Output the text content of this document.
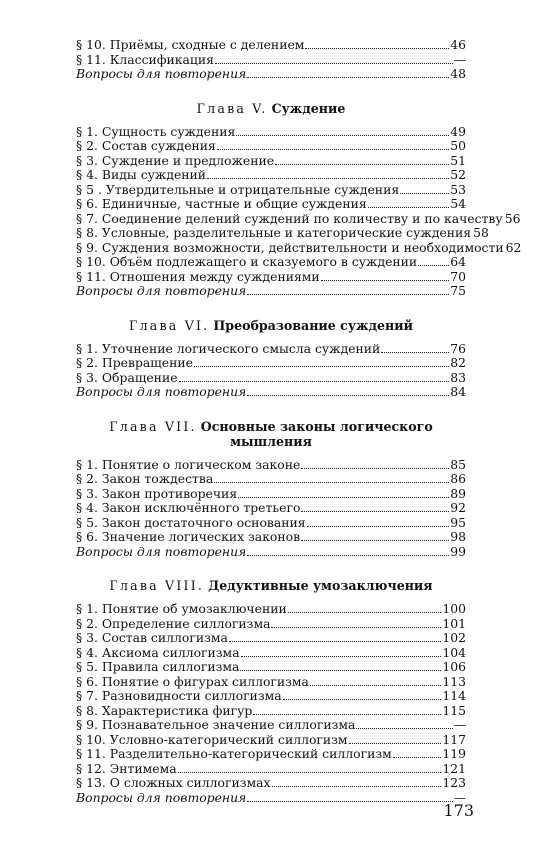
§ 10. Приёмы, сходные с делением	46
§ 11. Классификация	—
Вопросы для повторения	48
Глава V. Суждение
§ 1. Сущность суждения	49
§ 2. Состав суждения	50
§ 3. Суждение и предложение	51
§ 4. Виды суждений	52
§ 5 . Утвердительные и отрицательные суждения	53
§ 6. Единичные, частные и общие суждения	54
§ 7. Соединение делений суждений по количеству и по качеству 56
§ 8. Условные, разделительные и категорические суждения 58
§ 9. Суждения возможности, действительности и необходимости 62
§ 10. Объём подлежащего и сказуемого в суждении	64
§ 11. Отношения между суждениями	70
Вопросы для повторения	75
Глава VI. Преобразование суждений
§ 1. Уточнение логического смысла суждений	76
§ 2. Превращение	82
§ 3. Обращение	83
Вопросы для повторения	84
Глава VII. Основные законы логического мышления
§ 1. Понятие о логическом законе	85
§ 2. Закон тождества	86
§ 3. Закон противоречия	89
§ 4. Закон исключённого третьего	92
§ 5. Закон достаточного основания	95
§ 6. Значение логических законов	98
Вопросы для повторения	99
Глава VIII. Дедуктивные умозаключения
§ 1. Понятие об умозаключении	100
§ 2. Определение силлогизма	101
§ 3. Состав силлогизма	102
§ 4. Аксиома силлогизма	104
§ 5. Правила силлогизма	106
§ 6. Понятие о фигурах силлогизма	113
§ 7. Разновидности силлогизма	114
§ 8. Характеристика фигур	115
§ 9. Познавательное значение силлогизма	—
§ 10. Условно-категорический силлогизм	117
§ 11. Разделительно-категорический силлогизм	119
§ 12. Энтимема	121
§ 13. О сложных силлогизмах	123
Вопросы для повторения	—
173
